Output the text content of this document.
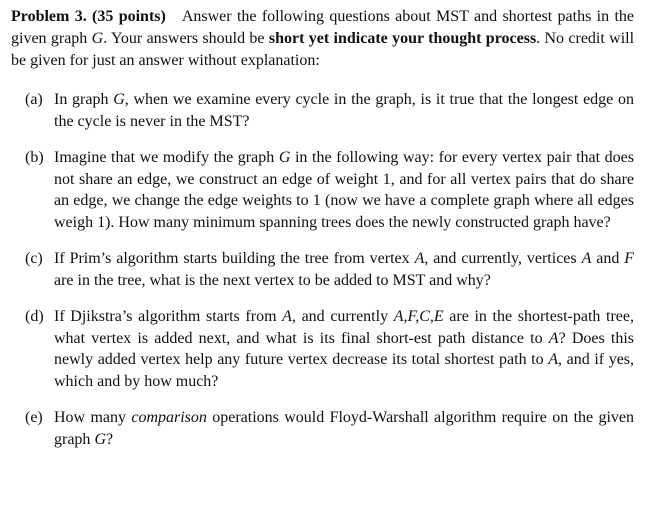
Problem 3. (35 points) Answer the following questions about MST and shortest paths in the given graph G. Your answers should be short yet indicate your thought process. No credit will be given for just an answer without explanation:

(a) In graph G, when we examine every cycle in the graph, is it true that the longest edge on the cycle is never in the MST?
(b) Imagine that we modify the graph G in the following way: for every vertex pair that does not share an edge, we construct an edge of weight 1, and for all vertex pairs that do share an edge, we change the edge weights to 1 (now we have a complete graph where all edges weigh 1). How many minimum spanning trees does the newly constructed graph have?
(c) If Prim’s algorithm starts building the tree from vertex A, and currently, vertices A and F are in the tree, what is the next vertex to be added to MST and why?
(d) If Djikstra’s algorithm starts from A, and currently A,F,C,E are in the shortest-path tree, what vertex is added next, and what is its final short-est path distance to A? Does this newly added vertex help any future vertex decrease its total shortest path to A, and if yes, which and by how much?
(e) How many comparison operations would Floyd-Warshall algorithm require on the given graph G?
